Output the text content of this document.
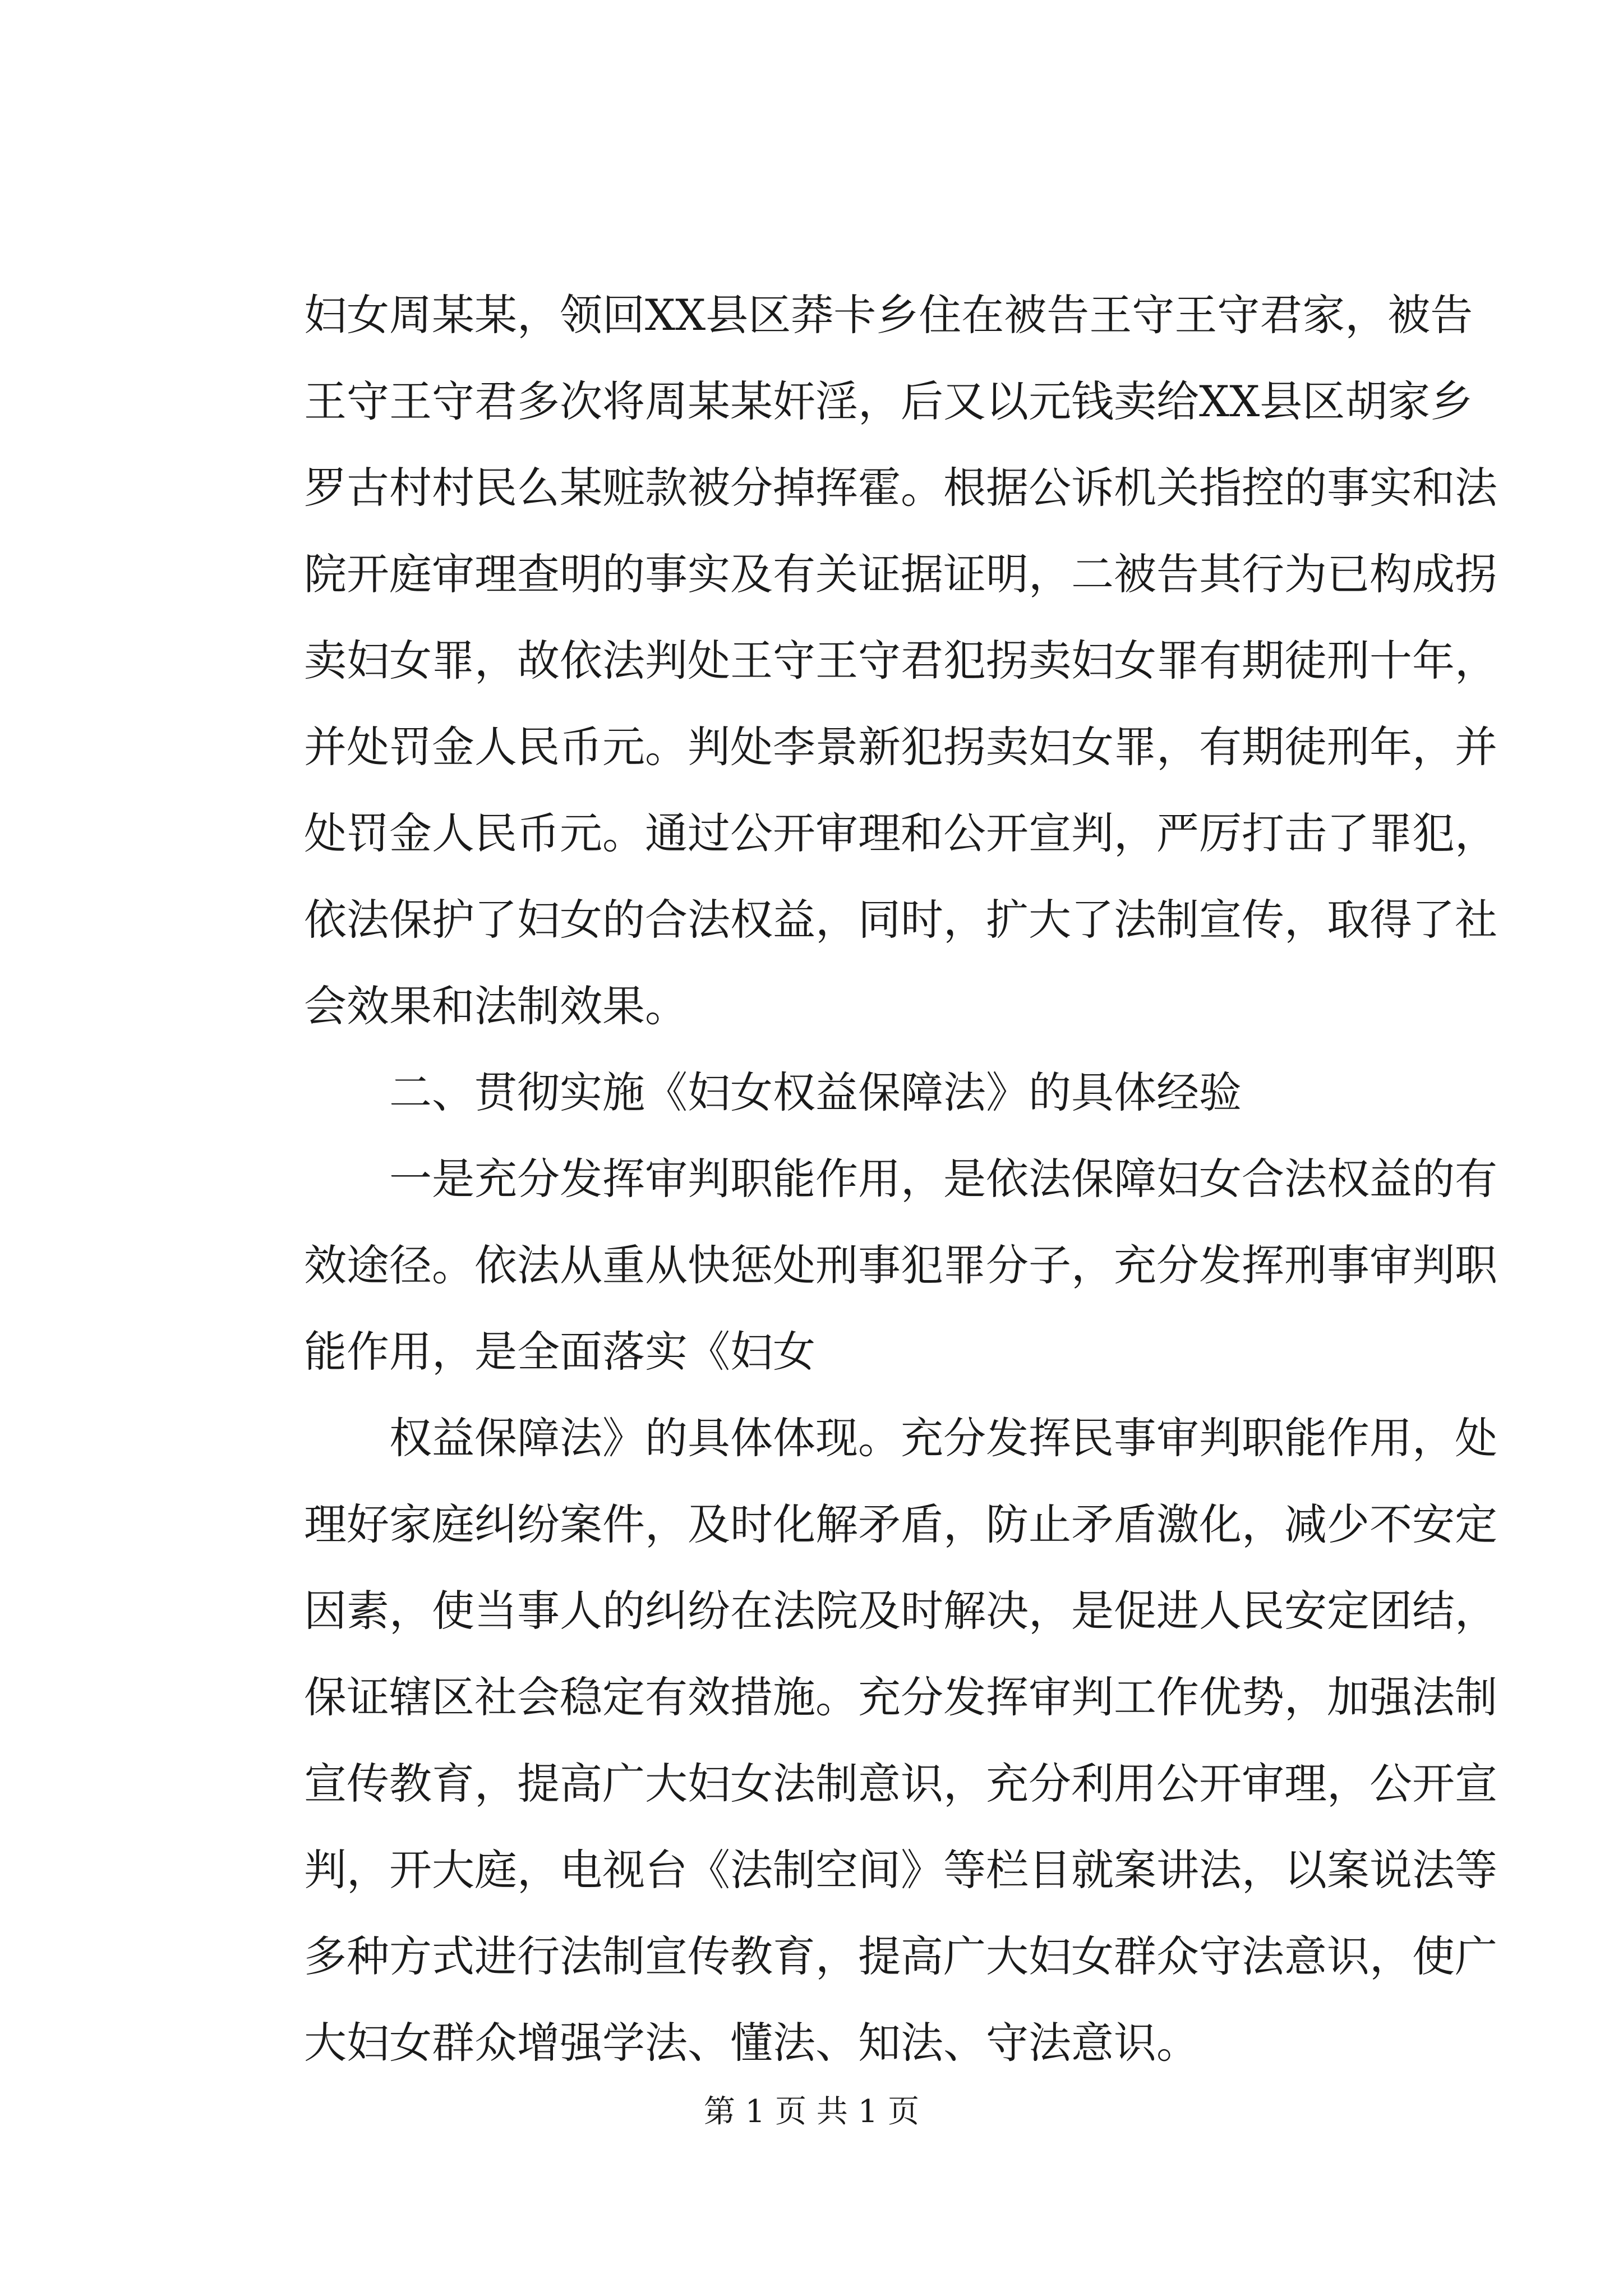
妇女周某某，领回XX县区莽卡乡住在被告王守王守君家，被告
王守王守君多次将周某某奸淫，后又以元钱卖给XX县区胡家乡
罗古村村民么某赃款被分掉挥霍。根据公诉机关指控的事实和法
院开庭审理查明的事实及有关证据证明，二被告其行为已构成拐
卖妇女罪，故依法判处王守王守君犯拐卖妇女罪有期徒刑十年，
并处罚金人民币元。判处李景新犯拐卖妇女罪，有期徒刑年，并
处罚金人民币元。通过公开审理和公开宣判，严厉打击了罪犯，
依法保护了妇女的合法权益，同时，扩大了法制宣传，取得了社
会效果和法制效果。
二、贯彻实施《妇女权益保障法》的具体经验
一是充分发挥审判职能作用，是依法保障妇女合法权益的有
效途径。依法从重从快惩处刑事犯罪分子，充分发挥刑事审判职
能作用，是全面落实《妇女
权益保障法》的具体体现。充分发挥民事审判职能作用，处
理好家庭纠纷案件，及时化解矛盾，防止矛盾激化，减少不安定
因素，使当事人的纠纷在法院及时解决，是促进人民安定团结，
保证辖区社会稳定有效措施。充分发挥审判工作优势，加强法制
宣传教育，提高广大妇女法制意识，充分利用公开审理，公开宣
判，开大庭，电视台《法制空间》等栏目就案讲法，以案说法等
多种方式进行法制宣传教育，提高广大妇女群众守法意识，使广
大妇女群众增强学法、懂法、知法、守法意识。
第 1 页 共 1 页
